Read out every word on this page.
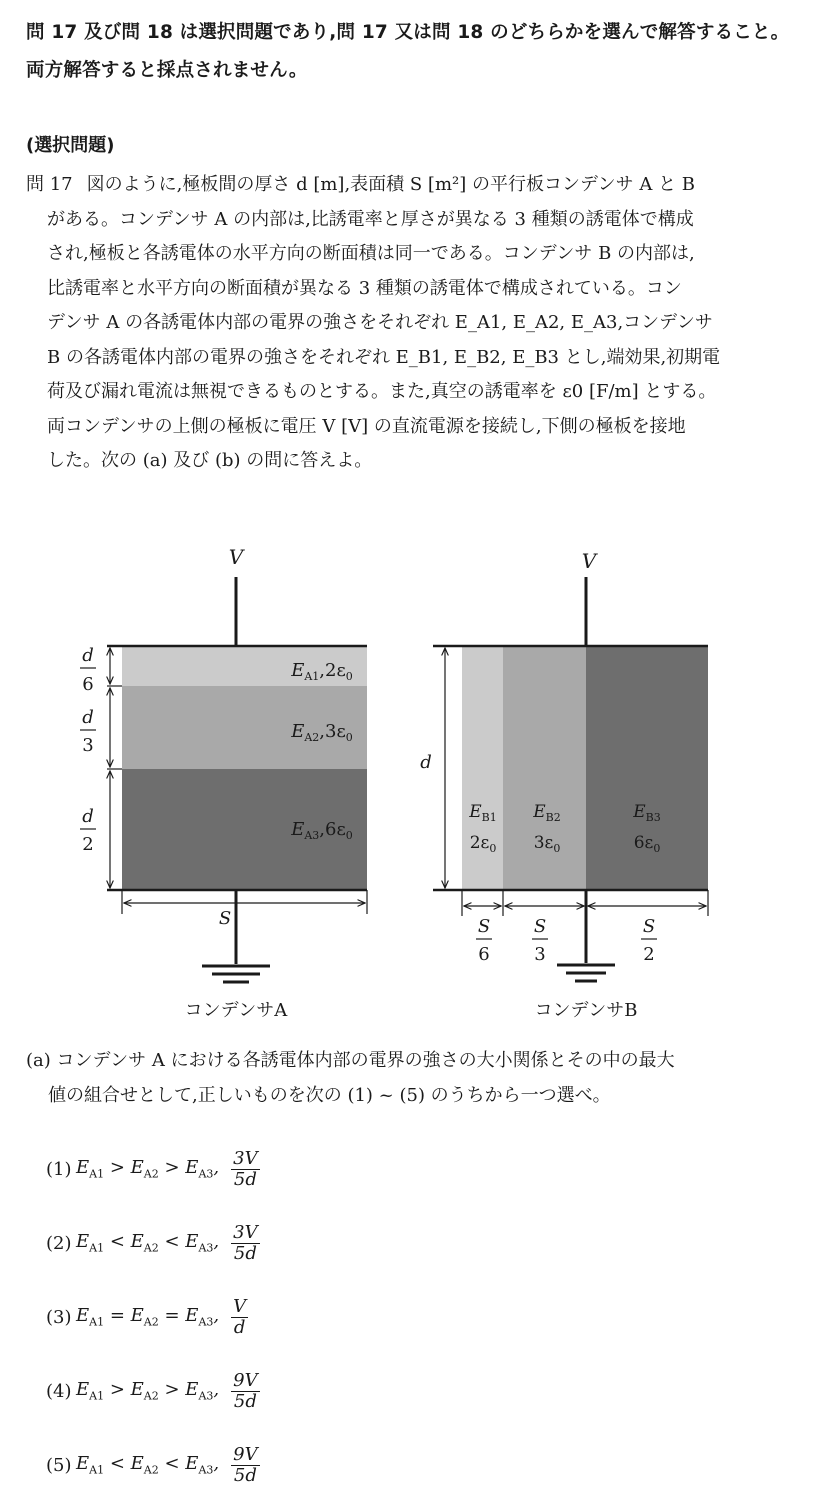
問 17 及び問 18 は選択問題であり,問 17 又は問 18 のどちらかを選んで解答すること。
両方解答すると採点されません。
(選択問題)
問 17 図のように,極板間の厚さ d [m],表面積 S [m²] の平行板コンデンサ A と B
がある。コンデンサ A の内部は,比誘電率と厚さが異なる 3 種類の誘電体で構成
され,極板と各誘電体の水平方向の断面積は同一である。コンデンサ B の内部は,
比誘電率と水平方向の断面積が異なる 3 種類の誘電体で構成されている。コン
デンサ A の各誘電体内部の電界の強さをそれぞれ E_A1, E_A2, E_A3,コンデンサ
B の各誘電体内部の電界の強さをそれぞれ E_B1, E_B2, E_B3 とし,端効果,初期電
荷及び漏れ電流は無視できるものとする。また,真空の誘電率を ε0 [F/m] とする。
両コンデンサの上側の極板に電圧 V [V] の直流電源を接続し,下側の極板を接地
した。次の (a) 及び (b) の問に答えよ。
V
$E_{A1},2\varepsilon_0$
$E_{A2},3\varepsilon_0$
$E_{A3},6\varepsilon_0$
d
6
d
3
d
2
S
コンデンサA
V
d
$E_{B1}$
$2\varepsilon_0$
$E_{B2}$
$3\varepsilon_0$
$E_{B3}$
$6\varepsilon_0$
S
6
S
3
S
2
コンデンサB
(a) コンデンサ A における各誘電体内部の電界の強さの大小関係とその中の最大
値の組合せとして,正しいものを次の (1) ~ (5) のうちから一つ選べ。
(1) $E_{A1} > E_{A2} > E_{A3}$, $\frac{3V}{5d}$
(2) $E_{A1} < E_{A2} < E_{A3}$, $\frac{3V}{5d}$
(3) $E_{A1} = E_{A2} = E_{A3}$, $\frac{V}{d}$
(4) $E_{A1} > E_{A2} > E_{A3}$, $\frac{9V}{5d}$
(5) $E_{A1} < E_{A2} < E_{A3}$, $\frac{9V}{5d}$
